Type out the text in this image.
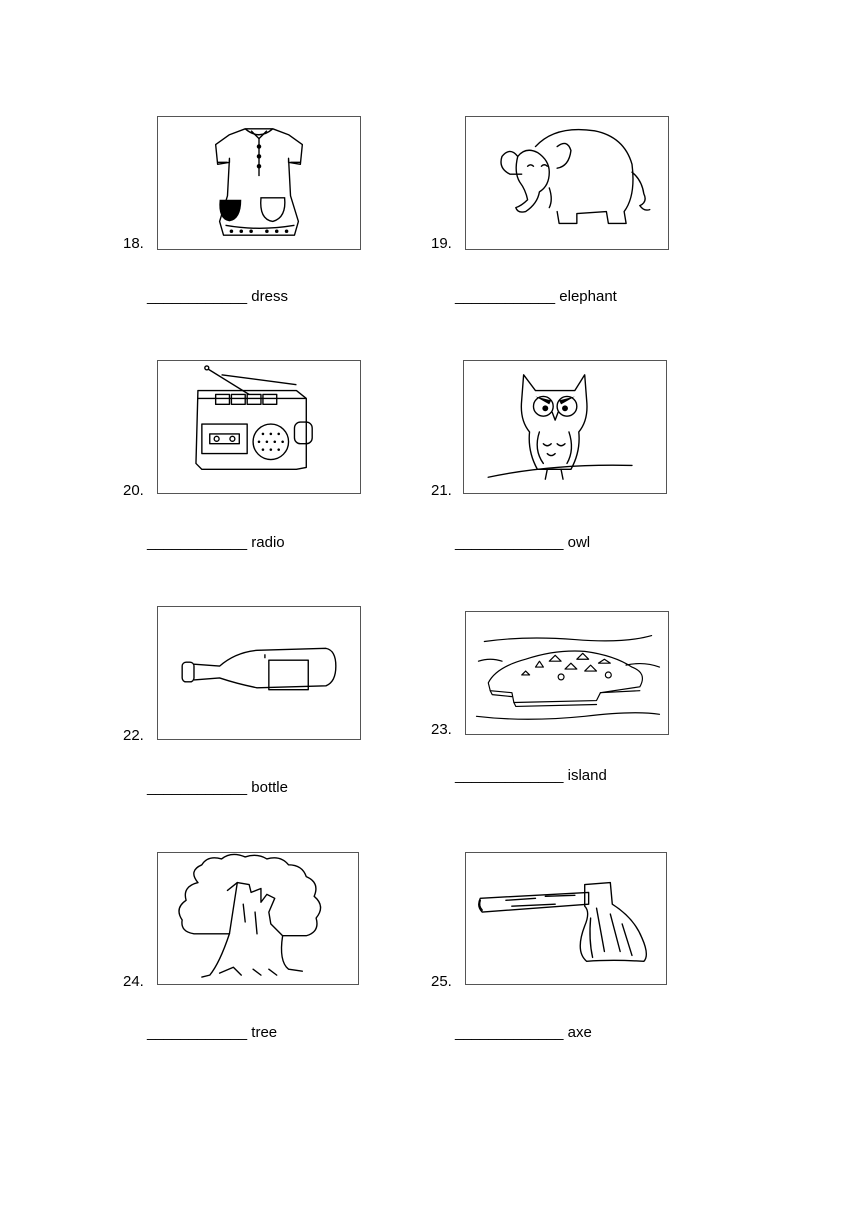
18.
____________ dress
19.
____________ elephant
20.
____________ radio
21.
_____________ owl
22.
____________ bottle
23.
_____________ island
24.
____________ tree
25.
_____________ axe
